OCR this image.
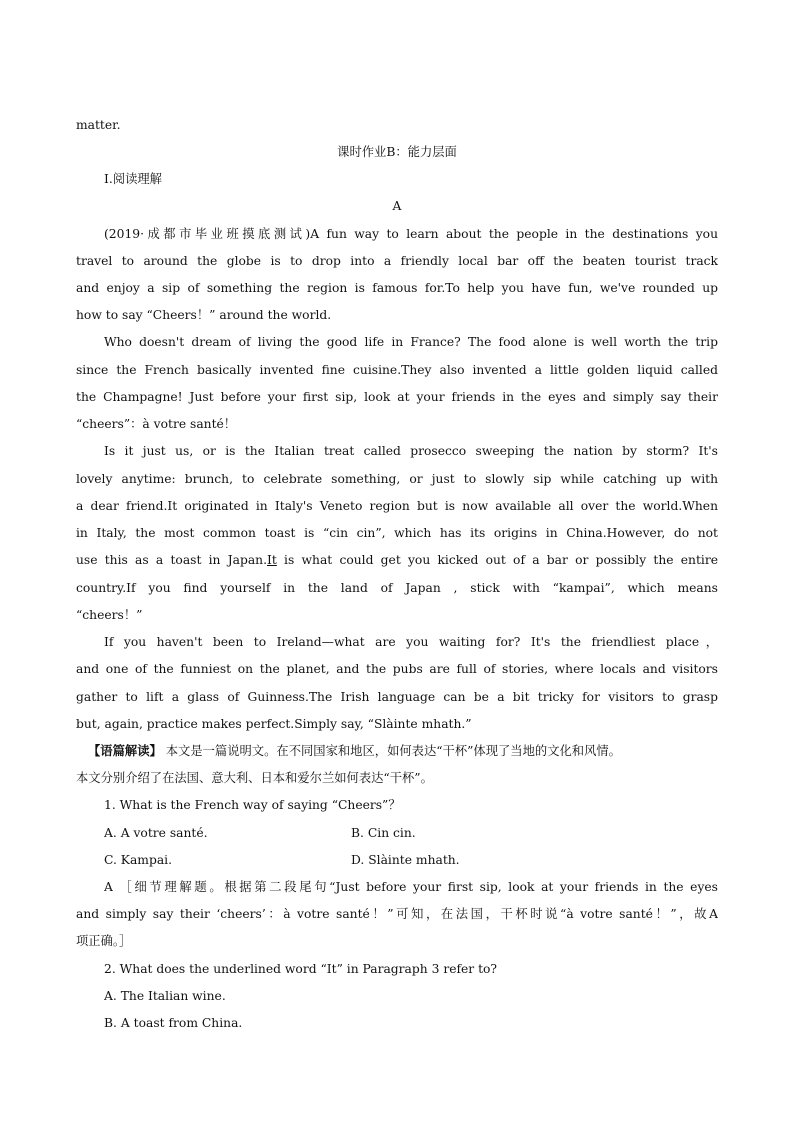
matter.
课时作业B：能力层面
Ⅰ.阅读理解
A
(2019·成都市毕业班摸底测试)A fun way to learn about the people in the destinations you
travel to around the globe is to drop into a friendly local bar off the beaten tourist track
and enjoy a sip of something the region is famous for.To help you have fun, we've rounded up
how to say “Cheers！” around the world.
Who doesn't dream of living the good life in France? The food alone is well worth the trip
since the French basically invented fine cuisine.They also invented a little golden liquid called
the Champagne! Just before your first sip, look at your friends in the eyes and simply say their
“cheers”：à votre santé！
Is it just us, or is the Italian treat called prosecco sweeping the nation by storm? It's
lovely anytime: brunch, to celebrate something, or just to slowly sip while catching up with
a dear friend.It originated in Italy's Veneto region but is now available all over the world.When
in Italy, the most common toast is “cin cin”, which has its origins in China.However, do not
use this as a toast in Japan.It is what could get you kicked out of a bar or possibly the entire
country.If you find yourself in the land of Japan , stick with “kampai”, which means
“cheers！”
If you haven't been to Ireland—what are you waiting for? It's the friendliest place，
and one of the funniest on the planet, and the pubs are full of stories, where locals and visitors
gather to lift a glass of Guinness.The Irish language can be a bit tricky for visitors to grasp
but, again, practice makes perfect.Simply say, “Slàinte mhath.”
【语篇解读】 本文是一篇说明文。在不同国家和地区，如何表达“干杯”体现了当地的文化和风情。
本文分别介绍了在法国、意大利、日本和爱尔兰如何表达“干杯”。
1. What is the French way of saying “Cheers”？
A. A votre santé.	B. Cin cin.
C. Kampai.	D. Slàinte mhath.
A ［细节理解题。根据第二段尾句“Just before your first sip, look at your friends in the eyes
and simply say their ‘cheers’：à votre santé！”可知，在法国，干杯时说“à votre santé！”，故A
项正确。］
2. What does the underlined word “It” in Paragraph 3 refer to?
A. The Italian wine.
B. A toast from China.
